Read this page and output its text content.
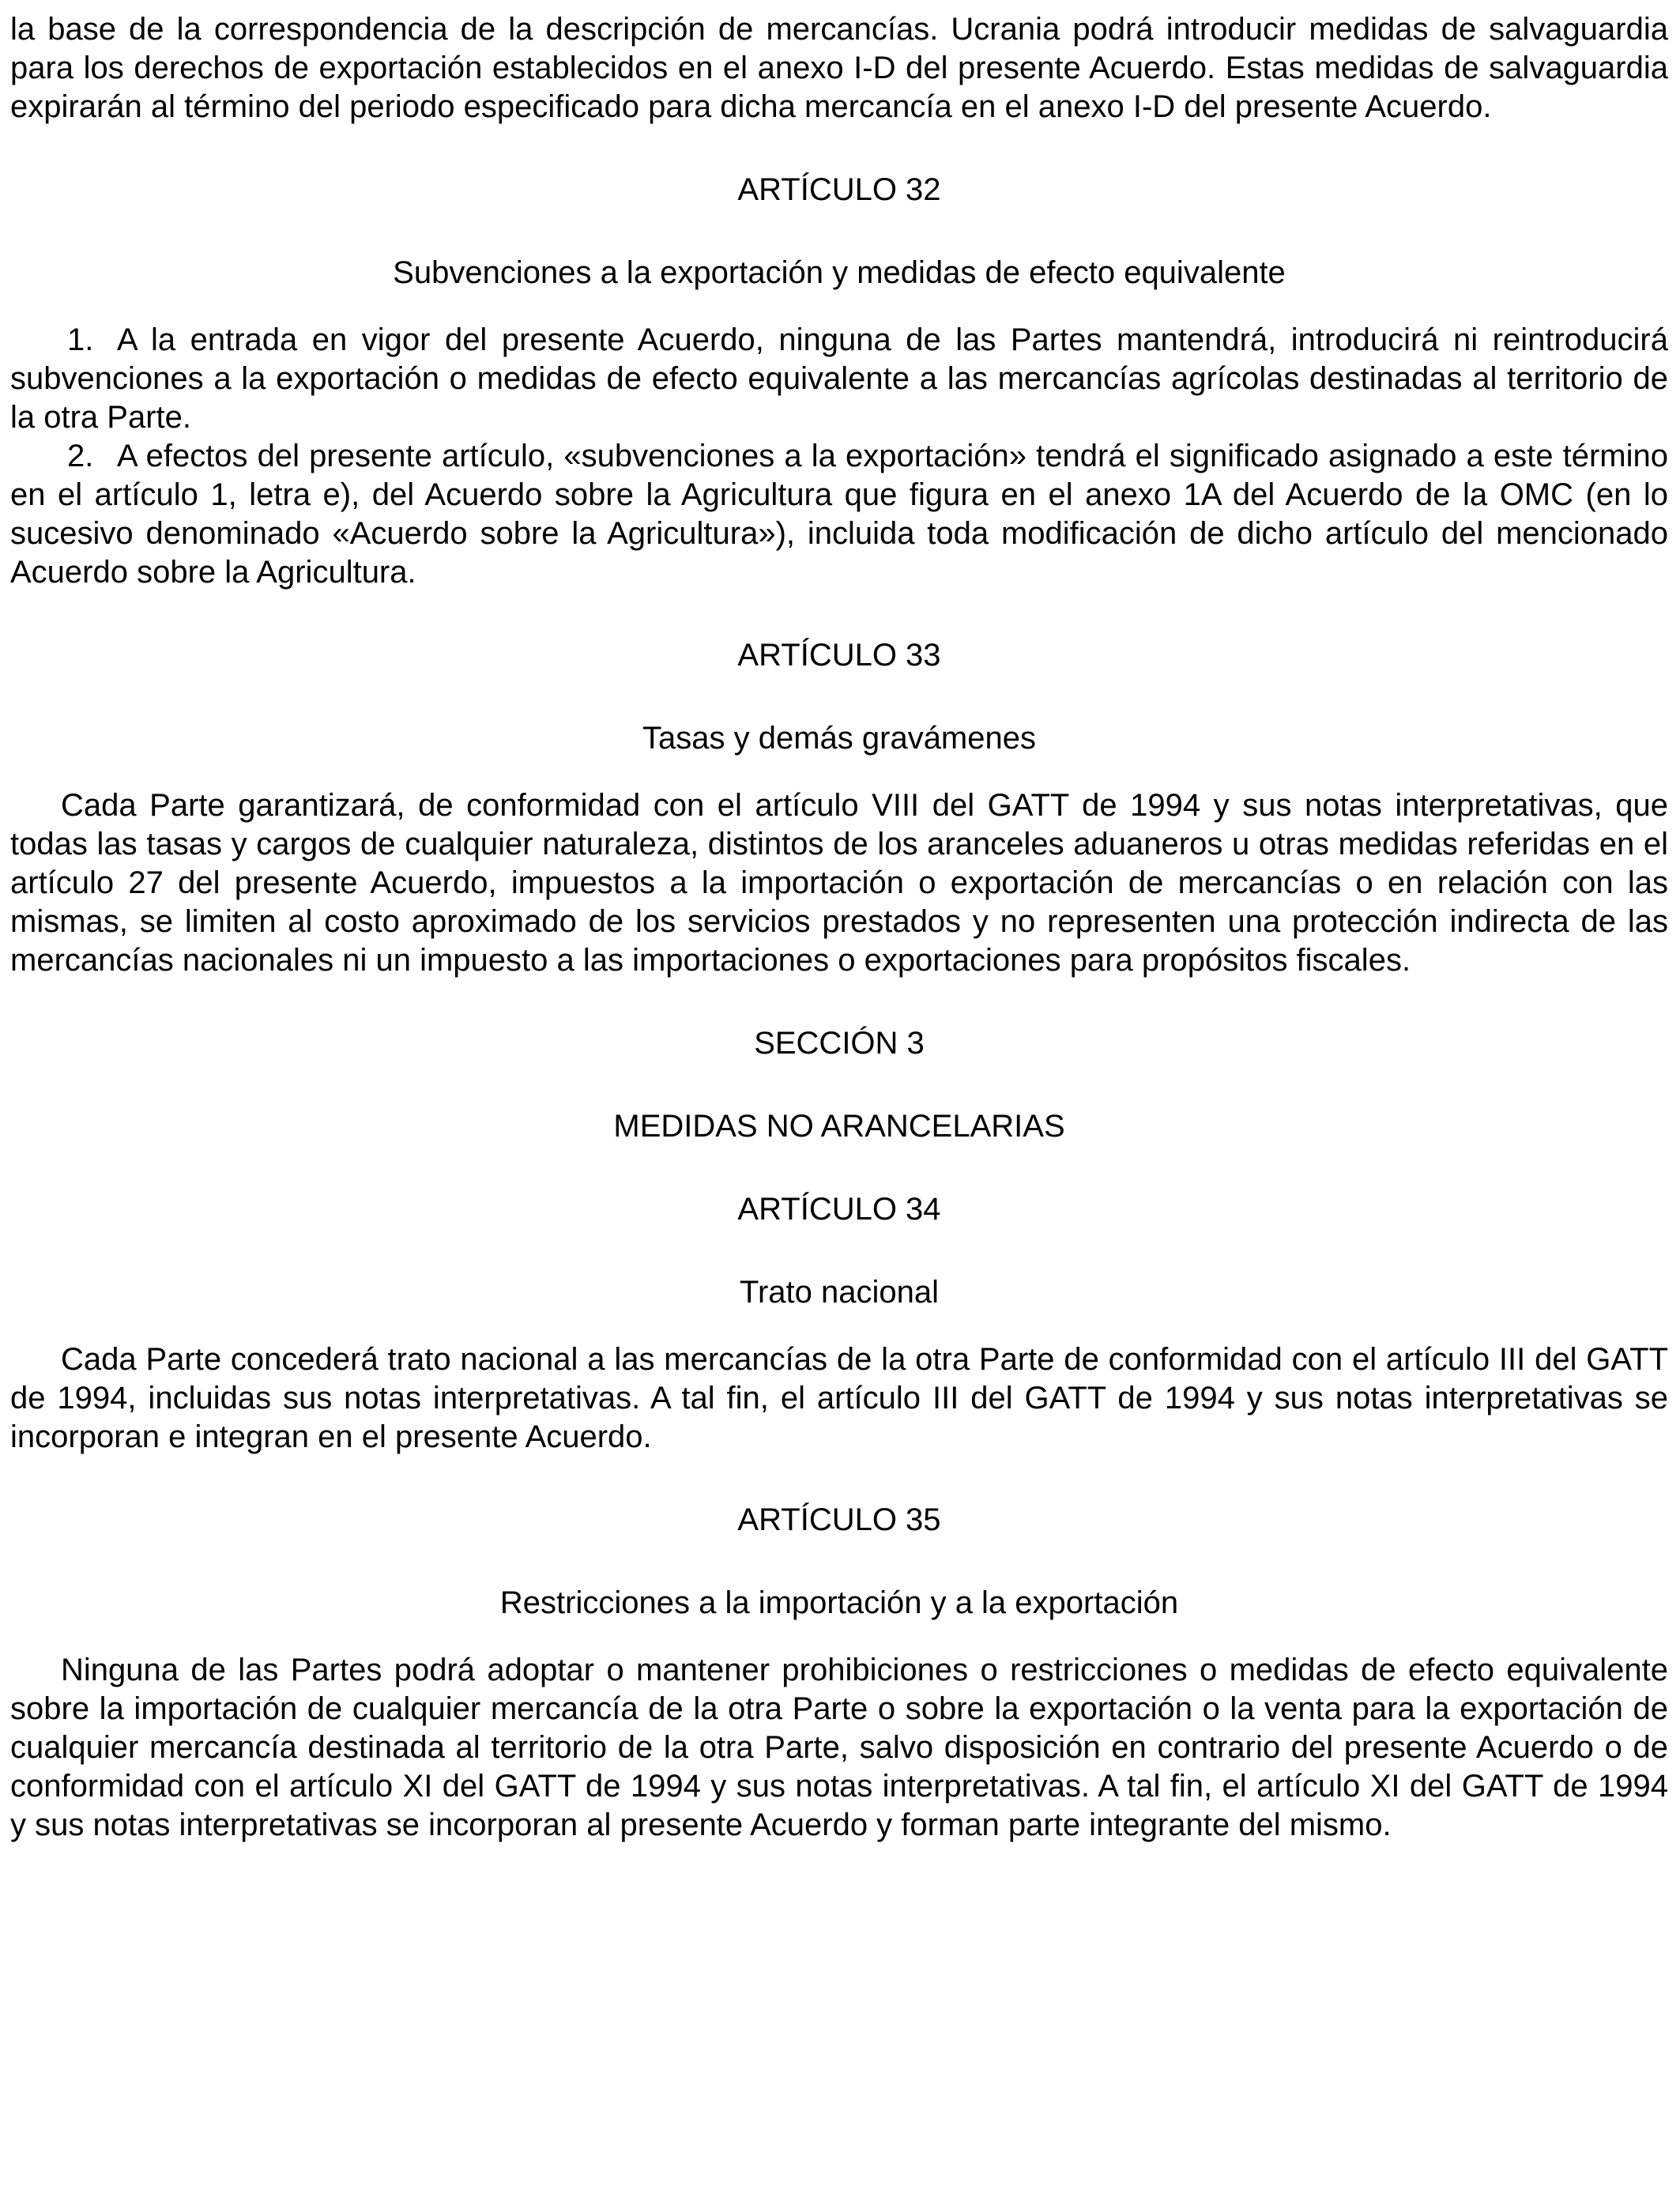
la base de la correspondencia de la descripción de mercancías. Ucrania podrá introducir medidas de salvaguardia para los derechos de exportación establecidos en el anexo I-D del presente Acuerdo. Estas medidas de salvaguardia expirarán al término del periodo especificado para dicha mercancía en el anexo I-D del presente Acuerdo.

ARTÍCULO 32

Subvenciones a la exportación y medidas de efecto equivalente

1. A la entrada en vigor del presente Acuerdo, ninguna de las Partes mantendrá, introducirá ni reintroducirá subvenciones a la exportación o medidas de efecto equivalente a las mercancías agrícolas destinadas al territorio de la otra Parte.

2. A efectos del presente artículo, «subvenciones a la exportación» tendrá el significado asignado a este término en el artículo 1, letra e), del Acuerdo sobre la Agricultura que figura en el anexo 1A del Acuerdo de la OMC (en lo sucesivo denominado «Acuerdo sobre la Agricultura»), incluida toda modificación de dicho artículo del mencionado Acuerdo sobre la Agricultura.

ARTÍCULO 33

Tasas y demás gravámenes

Cada Parte garantizará, de conformidad con el artículo VIII del GATT de 1994 y sus notas interpretativas, que todas las tasas y cargos de cualquier naturaleza, distintos de los aranceles aduaneros u otras medidas referidas en el artículo 27 del presente Acuerdo, impuestos a la importación o exportación de mercancías o en relación con las mismas, se limiten al costo aproximado de los servicios prestados y no representen una protección indirecta de las mercancías nacionales ni un impuesto a las importaciones o exportaciones para propósitos fiscales.

SECCIÓN 3

MEDIDAS NO ARANCELARIAS

ARTÍCULO 34

Trato nacional

Cada Parte concederá trato nacional a las mercancías de la otra Parte de conformidad con el artículo III del GATT de 1994, incluidas sus notas interpretativas. A tal fin, el artículo III del GATT de 1994 y sus notas interpretativas se incorporan e integran en el presente Acuerdo.

ARTÍCULO 35

Restricciones a la importación y a la exportación

Ninguna de las Partes podrá adoptar o mantener prohibiciones o restricciones o medidas de efecto equivalente sobre la importación de cualquier mercancía de la otra Parte o sobre la exportación o la venta para la exportación de cualquier mercancía destinada al territorio de la otra Parte, salvo disposición en contrario del presente Acuerdo o de conformidad con el artículo XI del GATT de 1994 y sus notas interpretativas. A tal fin, el artículo XI del GATT de 1994 y sus notas interpretativas se incorporan al presente Acuerdo y forman parte integrante del mismo.
